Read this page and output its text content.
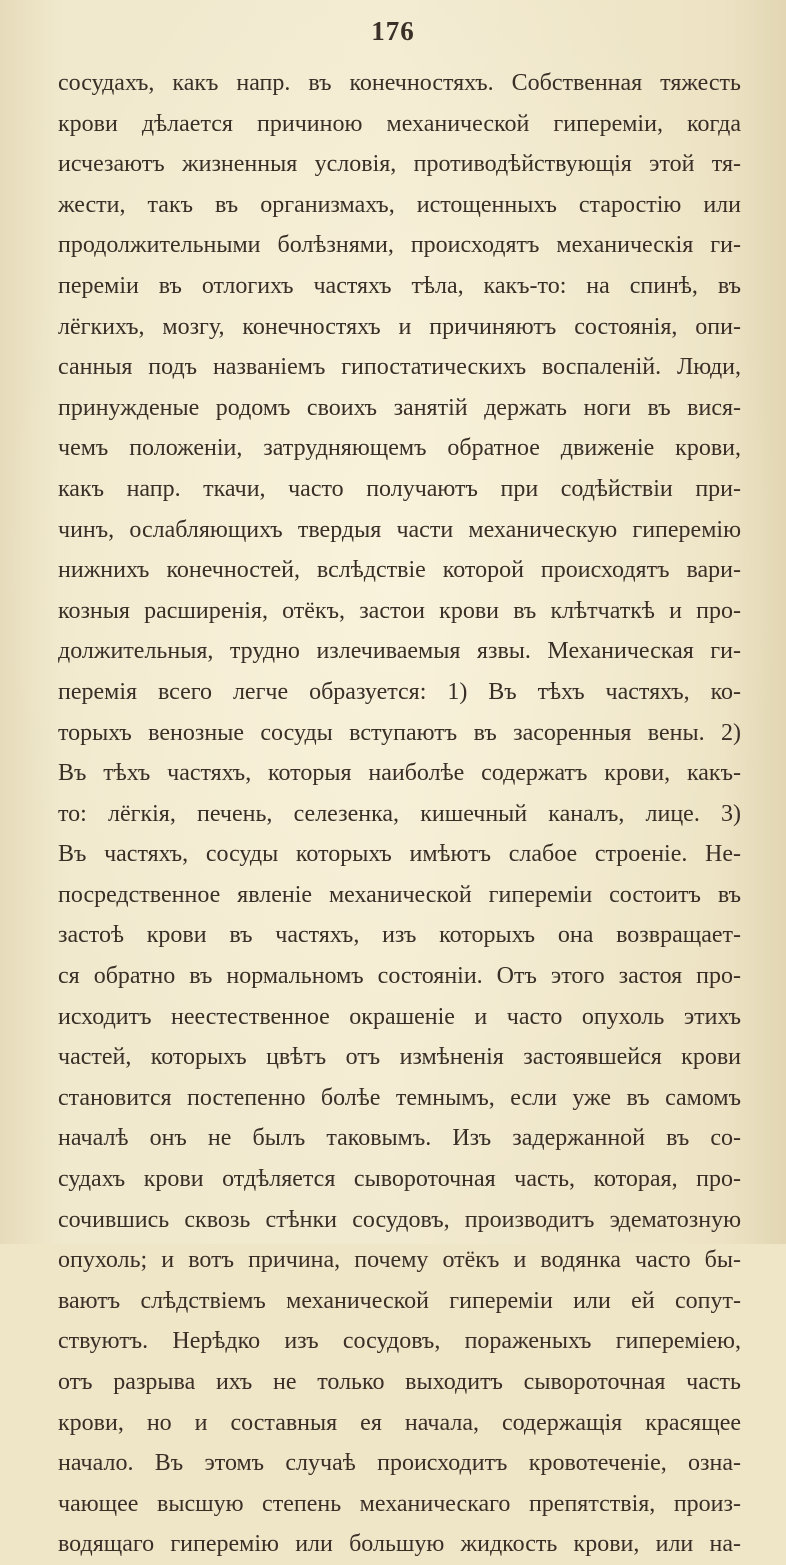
176
сосудахъ, какъ напр. въ конечностяхъ. Собственная тяжесть
крови дѣлается причиною механической гипереміи, когда
исчезаютъ жизненныя условія, противодѣйствующія этой тя-
жести, такъ въ организмахъ, истощенныхъ старостію или
продолжительными болѣзнями, происходятъ механическія ги-
переміи въ отлогихъ частяхъ тѣла, какъ-то: на спинѣ, въ
лёгкихъ, мозгу, конечностяхъ и причиняютъ состоянія, опи-
санныя подъ названіемъ гипостатическихъ воспаленій. Люди,
принужденые родомъ своихъ занятій держать ноги въ вися-
чемъ положеніи, затрудняющемъ обратное движеніе крови,
какъ напр. ткачи, часто получаютъ при содѣйствіи при-
чинъ, ослабляющихъ твердыя части механическую гиперемію
нижнихъ конечностей, вслѣдствіе которой происходятъ вари-
козныя расширенія, отёкъ, застои крови въ клѣтчаткѣ и про-
должительныя, трудно излечиваемыя язвы. Механическая ги-
перемія всего легче образуется: 1) Въ тѣхъ частяхъ, ко-
торыхъ венозные сосуды вступаютъ въ засоренныя вены. 2)
Въ тѣхъ частяхъ, которыя наиболѣе содержатъ крови, какъ-
то: лёгкія, печень, селезенка, кишечный каналъ, лице. 3)
Въ частяхъ, сосуды которыхъ имѣютъ слабое строеніе. Не-
посредственное явленіе механической гипереміи состоитъ въ
застоѣ крови въ частяхъ, изъ которыхъ она возвращает-
ся обратно въ нормальномъ состояніи. Отъ этого застоя про-
исходитъ неестественное окрашеніе и часто опухоль этихъ
частей, которыхъ цвѣтъ отъ измѣненія застоявшейся крови
становится постепенно болѣе темнымъ, если уже въ самомъ
началѣ онъ не былъ таковымъ. Изъ задержанной въ со-
судахъ крови отдѣляется сывороточная часть, которая, про-
сочившись сквозь стѣнки сосудовъ, производитъ эдематозную
опухоль; и вотъ причина, почему отёкъ и водянка часто бы-
ваютъ слѣдствіемъ механической гипереміи или ей сопут-
ствуютъ. Нерѣдко изъ сосудовъ, пораженыхъ гипереміею,
отъ разрыва ихъ не только выходитъ сывороточная часть
крови, но и составныя ея начала, содержащія красящее
начало. Въ этомъ случаѣ происходитъ кровотеченіе, озна-
чающее высшую степень механическаго препятствія, произ-
водящаго гиперемію или большую жидкость крови, или на-
